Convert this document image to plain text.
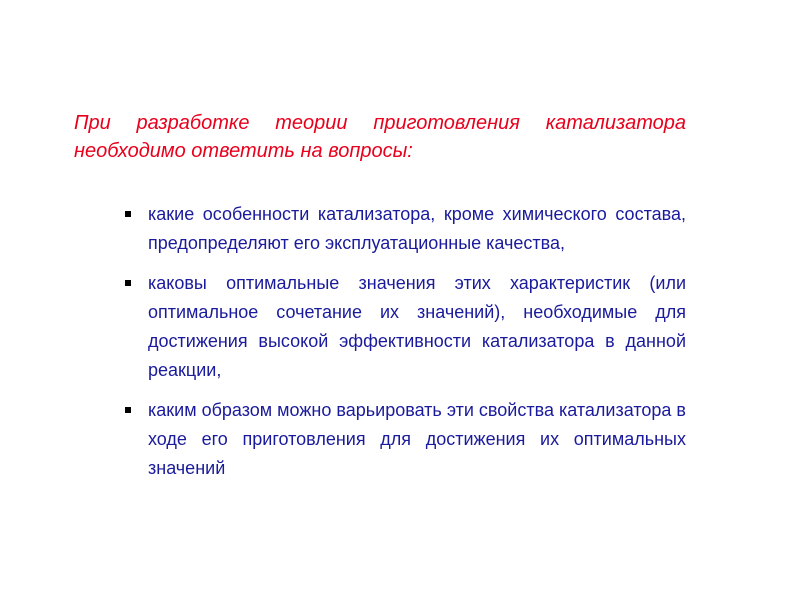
При разработке теории приготовления катализатора необходимо ответить на вопросы:

какие особенности катализатора, кроме химического состава, предопределяют его эксплуатационные качества,
каковы оптимальные значения этих характеристик (или оптимальное сочетание их значений), необходимые для достижения высокой эффективности катализатора в данной реакции,
каким образом можно варьировать эти свойства катализатора в ходе его приготовления для достижения их оптимальных значений
